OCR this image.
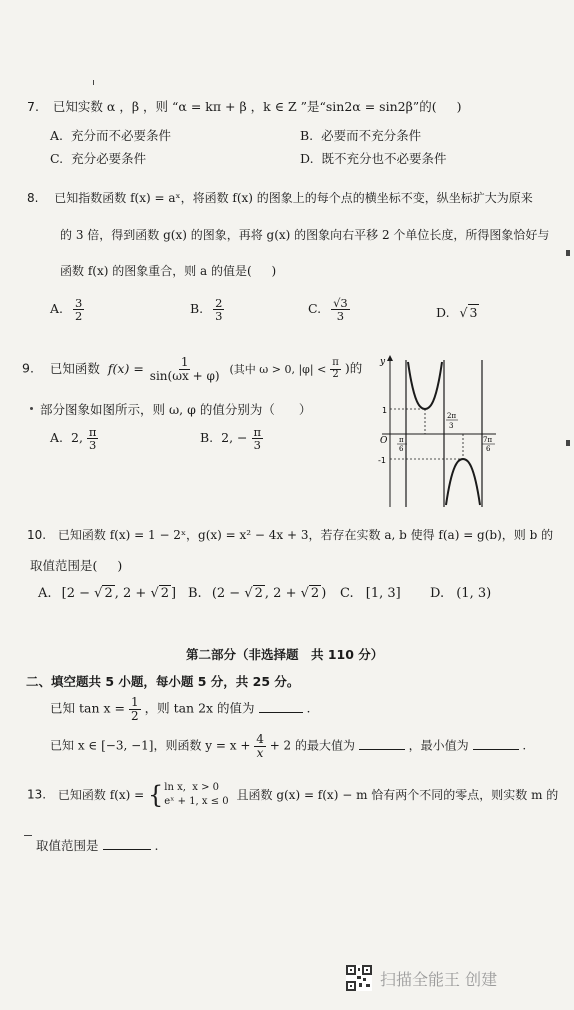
7. 已知实数 α ，β ，则 “α = kπ + β ，k ∈ Z ”是“sin2α = sin2β”的( )
A. 充分而不必要条件	B. 必要而不充分条件
C. 充分必要条件	D. 既不充分也不必要条件
8. 已知指数函数 f(x) = aˣ，将函数 f(x) 的图象上的每个点的横坐标不变，纵坐标扩大为原来
的 3 倍，得到函数 g(x) 的图象，再将 g(x) 的图象向右平移 2 个单位长度，所得图象恰好与
函数 f(x) 的图象重合，则 a 的值是( )
A. $\frac{3}{2}$	B. $\frac{2}{3}$	C. $\frac{√3}{3}$	D. √ 3
9. 已知函数 $f(x) = \frac{1}{\sin(\omega x + \varphi)}$ (其中 ω > 0, $|\varphi| < \frac{\pi}{2}$ )的
部分图象如图所示，则 ω, φ 的值分别为（ ）
A. 2, $\frac{\pi}{3}$	B. 2, − $\frac{\pi}{3}$
y
O
1
-1
π
6
2π
3
7π
6
10. 已知函数 f(x) = 1 − 2ˣ，g(x) = x² − 4x + 3，若存在实数 a, b 使得 f(a) = g(b)，则 b 的
取值范围是( )
A. [2 − √ 2 , 2 + √ 2 ] B. (2 − √ 2 , 2 + √ 2 ) C. [1, 3] D. (1, 3)
第二部分（非选择题　共 110 分）
二、填空题共 5 小题，每小题 5 分，共 25 分。
已知 $\tan x = \frac{1}{2}$ ，则 tan 2x 的值为	.
已知 x ∈ [−3, −1]，则函数 $y = x + \frac{4}{x} + 2$ 的最大值为	，最小值为	.
13. 已知函数 f(x) = { ln x, x > 0
eˣ + 1, x ≤ 0 且函数 g(x) = f(x) − m 恰有两个不同的零点，则实数 m 的
取值范围是	.
扫描全能王 创建
